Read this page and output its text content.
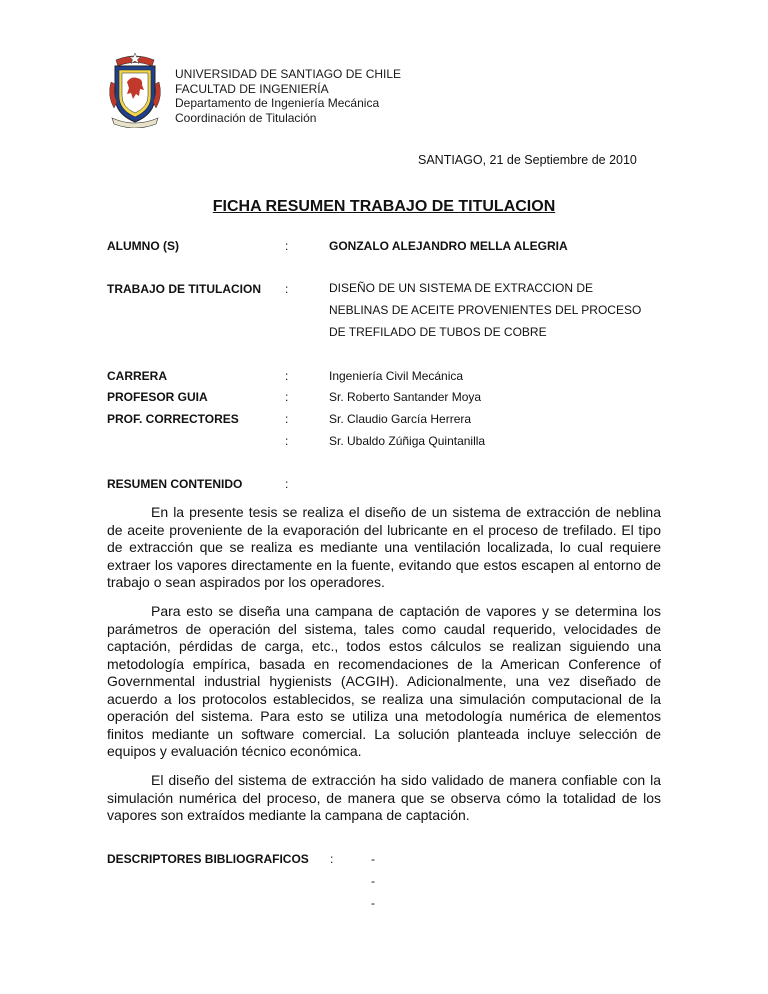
UNIVERSIDAD DE SANTIAGO DE CHILE
FACULTAD DE INGENIERÍA
Departamento de Ingeniería Mecánica
Coordinación de Titulación
SANTIAGO, 21 de Septiembre de 2010
FICHA RESUMEN TRABAJO DE TITULACION
ALUMNO (S)	:	GONZALO ALEJANDRO MELLA ALEGRIA
TRABAJO DE TITULACION :	DISEÑO DE UN SISTEMA DE EXTRACCION DE
NEBLINAS DE ACEITE PROVENIENTES DEL PROCESO
DE TREFILADO DE TUBOS DE COBRE
CARRERA	:	Ingeniería Civil Mecánica
PROFESOR GUIA	:	Sr. Roberto Santander Moya
PROF. CORRECTORES	:	Sr. Claudio García Herrera
:	Sr. Ubaldo Zúñiga Quintanilla
RESUMEN CONTENIDO	:

En la presente tesis se realiza el diseño de un sistema de extracción de neblina de aceite proveniente de la evaporación del lubricante en el proceso de trefilado. El tipo de extracción que se realiza es mediante una ventilación localizada, lo cual requiere extraer los vapores directamente en la fuente, evitando que estos escapen al entorno de trabajo o sean aspirados por los operadores.

Para esto se diseña una campana de captación de vapores y se determina los parámetros de operación del sistema, tales como caudal requerido, velocidades de captación, pérdidas de carga, etc., todos estos cálculos se realizan siguiendo una metodología empírica, basada en recomendaciones de la American Conference of Governmental industrial hygienists (ACGIH). Adicionalmente, una vez diseñado de acuerdo a los protocolos establecidos, se realiza una simulación computacional de la operación del sistema. Para esto se utiliza una metodología numérica de elementos finitos mediante un software comercial. La solución planteada incluye selección de equipos y evaluación técnico económica.

El diseño del sistema de extracción ha sido validado de manera confiable con la simulación numérica del proceso, de manera que se observa cómo la totalidad de los vapores son extraídos mediante la campana de captación.

DESCRIPTORES BIBLIOGRAFICOS :	-
-
-
